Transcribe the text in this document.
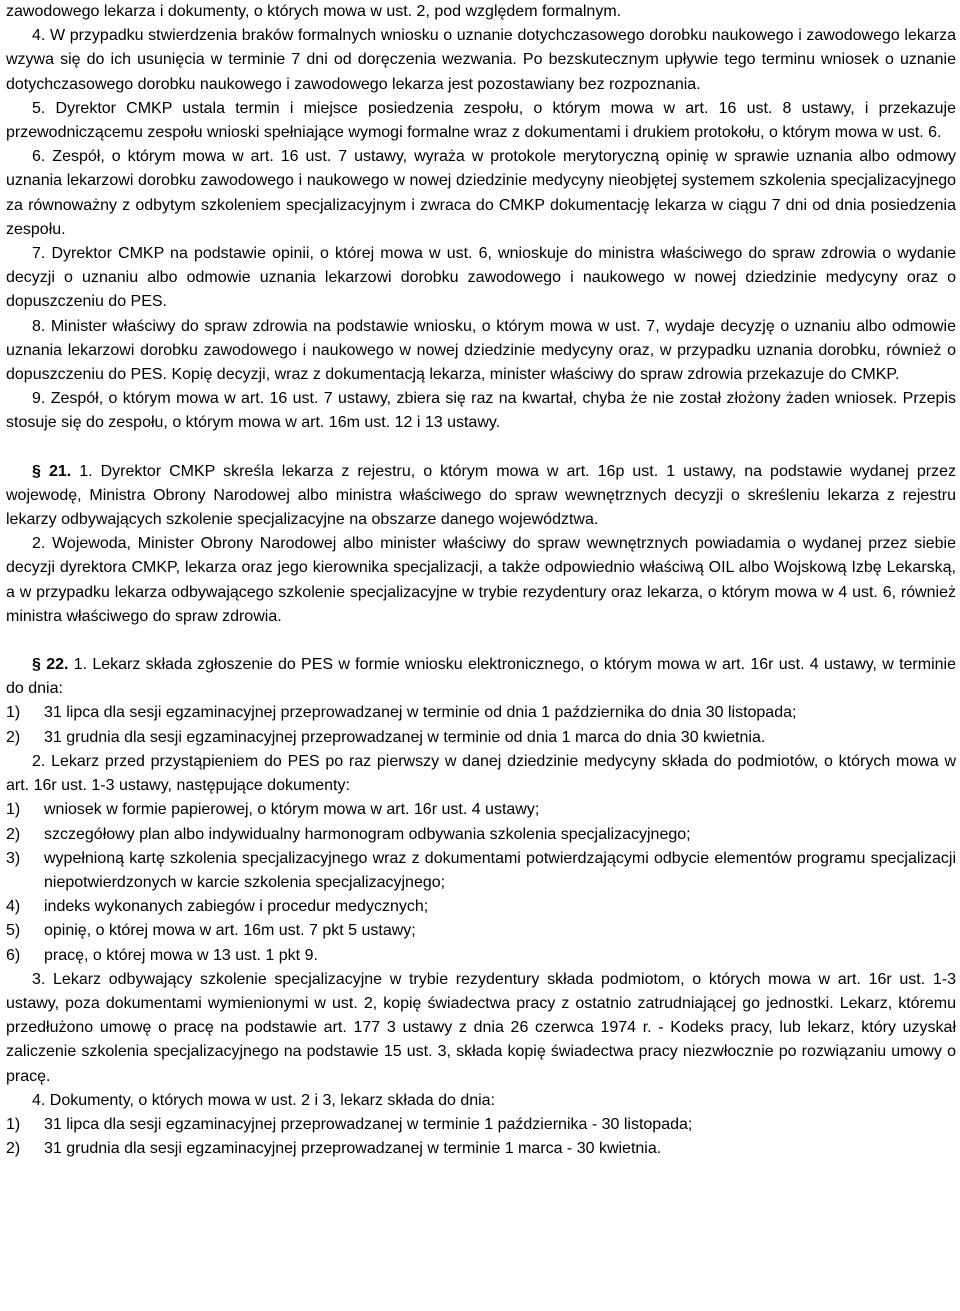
zawodowego lekarza i dokumenty, o których mowa w ust. 2, pod względem formalnym.

4. W przypadku stwierdzenia braków formalnych wniosku o uznanie dotychczasowego dorobku naukowego i zawodowego lekarza wzywa się do ich usunięcia w terminie 7 dni od doręczenia wezwania. Po bezskutecznym upływie tego terminu wniosek o uznanie dotychczasowego dorobku naukowego i zawodowego lekarza jest pozostawiany bez rozpoznania.

5. Dyrektor CMKP ustala termin i miejsce posiedzenia zespołu, o którym mowa w art. 16 ust. 8 ustawy, i przekazuje przewodniczącemu zespołu wnioski spełniające wymogi formalne wraz z dokumentami i drukiem protokołu, o którym mowa w ust. 6.

6. Zespół, o którym mowa w art. 16 ust. 7 ustawy, wyraża w protokole merytoryczną opinię w sprawie uznania albo odmowy uznania lekarzowi dorobku zawodowego i naukowego w nowej dziedzinie medycyny nieobjętej systemem szkolenia specjalizacyjnego za równoważny z odbytym szkoleniem specjalizacyjnym i zwraca do CMKP dokumentację lekarza w ciągu 7 dni od dnia posiedzenia zespołu.

7. Dyrektor CMKP na podstawie opinii, o której mowa w ust. 6, wnioskuje do ministra właściwego do spraw zdrowia o wydanie decyzji o uznaniu albo odmowie uznania lekarzowi dorobku zawodowego i naukowego w nowej dziedzinie medycyny oraz o dopuszczeniu do PES.

8. Minister właściwy do spraw zdrowia na podstawie wniosku, o którym mowa w ust. 7, wydaje decyzję o uznaniu albo odmowie uznania lekarzowi dorobku zawodowego i naukowego w nowej dziedzinie medycyny oraz, w przypadku uznania dorobku, również o dopuszczeniu do PES. Kopię decyzji, wraz z dokumentacją lekarza, minister właściwy do spraw zdrowia przekazuje do CMKP.

9. Zespół, o którym mowa w art. 16 ust. 7 ustawy, zbiera się raz na kwartał, chyba że nie został złożony żaden wniosek. Przepis stosuje się do zespołu, o którym mowa w art. 16m ust. 12 i 13 ustawy.

§ 21. 1. Dyrektor CMKP skreśla lekarza z rejestru, o którym mowa w art. 16p ust. 1 ustawy, na podstawie wydanej przez wojewodę, Ministra Obrony Narodowej albo ministra właściwego do spraw wewnętrznych decyzji o skreśleniu lekarza z rejestru lekarzy odbywających szkolenie specjalizacyjne na obszarze danego województwa.

2. Wojewoda, Minister Obrony Narodowej albo minister właściwy do spraw wewnętrznych powiadamia o wydanej przez siebie decyzji dyrektora CMKP, lekarza oraz jego kierownika specjalizacji, a także odpowiednio właściwą OIL albo Wojskową Izbę Lekarską, a w przypadku lekarza odbywającego szkolenie specjalizacyjne w trybie rezydentury oraz lekarza, o którym mowa w 4 ust. 6, również ministra właściwego do spraw zdrowia.

§ 22. 1. Lekarz składa zgłoszenie do PES w formie wniosku elektronicznego, o którym mowa w art. 16r ust. 4 ustawy, w terminie do dnia:

1)	31 lipca dla sesji egzaminacyjnej przeprowadzanej w terminie od dnia 1 października do dnia 30 listopada;
2)	31 grudnia dla sesji egzaminacyjnej przeprowadzanej w terminie od dnia 1 marca do dnia 30 kwietnia.

2. Lekarz przed przystąpieniem do PES po raz pierwszy w danej dziedzinie medycyny składa do podmiotów, o których mowa w art. 16r ust. 1-3 ustawy, następujące dokumenty:

1)	wniosek w formie papierowej, o którym mowa w art. 16r ust. 4 ustawy;
2)	szczegółowy plan albo indywidualny harmonogram odbywania szkolenia specjalizacyjnego;
3)	wypełnioną kartę szkolenia specjalizacyjnego wraz z dokumentami potwierdzającymi odbycie elementów programu specjalizacji niepotwierdzonych w karcie szkolenia specjalizacyjnego;
4)	indeks wykonanych zabiegów i procedur medycznych;
5)	opinię, o której mowa w art. 16m ust. 7 pkt 5 ustawy;
6)	pracę, o której mowa w 13 ust. 1 pkt 9.

3. Lekarz odbywający szkolenie specjalizacyjne w trybie rezydentury składa podmiotom, o których mowa w art. 16r ust. 1-3 ustawy, poza dokumentami wymienionymi w ust. 2, kopię świadectwa pracy z ostatnio zatrudniającej go jednostki. Lekarz, któremu przedłużono umowę o pracę na podstawie art. 177 3 ustawy z dnia 26 czerwca 1974 r. - Kodeks pracy, lub lekarz, który uzyskał zaliczenie szkolenia specjalizacyjnego na podstawie 15 ust. 3, składa kopię świadectwa pracy niezwłocznie po rozwiązaniu umowy o pracę.

4. Dokumenty, o których mowa w ust. 2 i 3, lekarz składa do dnia:

1)	31 lipca dla sesji egzaminacyjnej przeprowadzanej w terminie 1 października - 30 listopada;
2)	31 grudnia dla sesji egzaminacyjnej przeprowadzanej w terminie 1 marca - 30 kwietnia.
